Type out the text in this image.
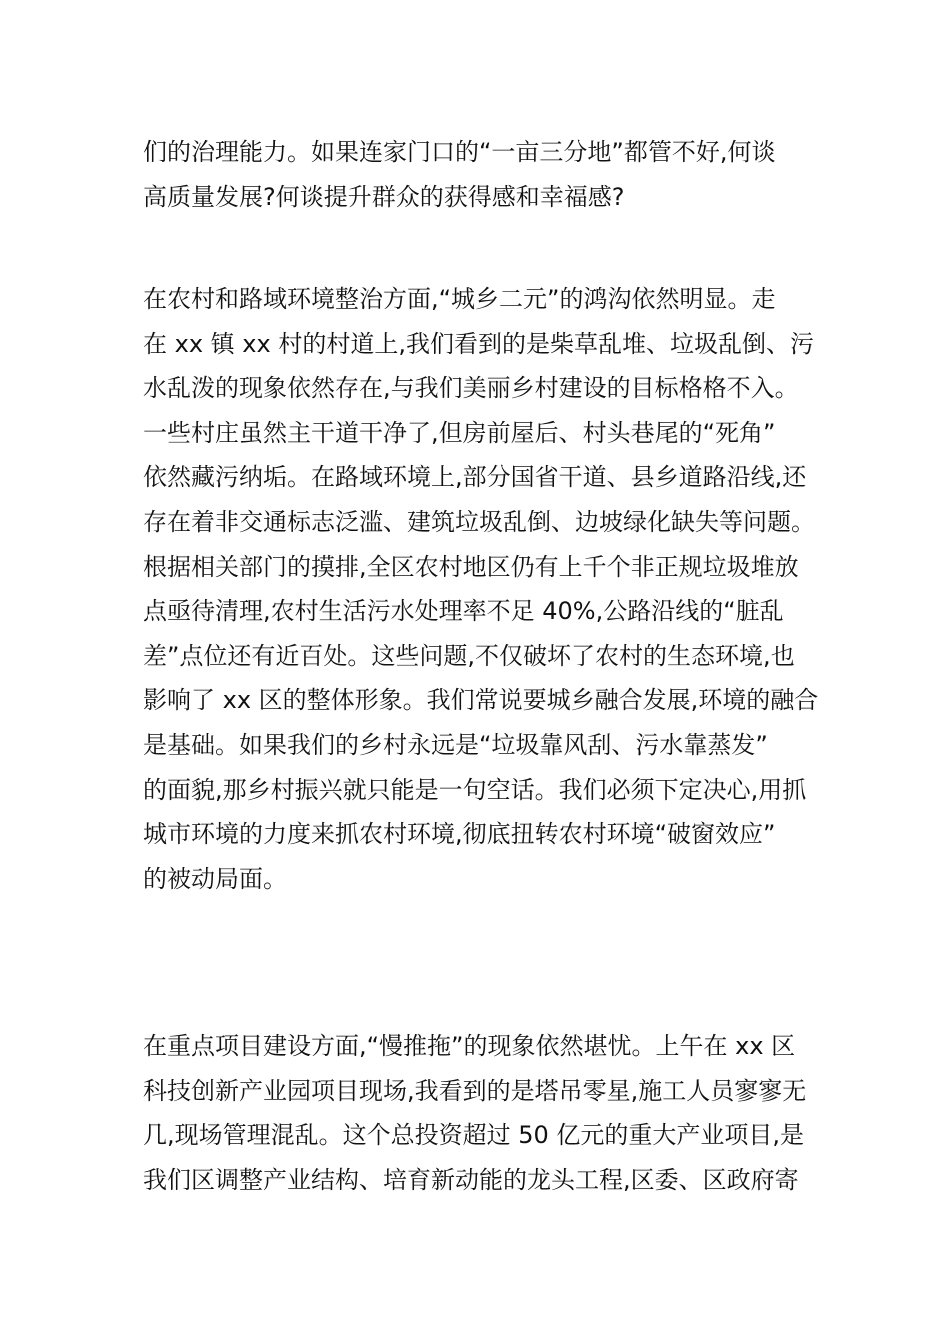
们的治理能力。如果连家门口的“一亩三分地”都管不好,何谈
高质量发展?何谈提升群众的获得感和幸福感?
在农村和路域环境整治方面,“城乡二元”的鸿沟依然明显。走
在 xx 镇 xx 村的村道上,我们看到的是柴草乱堆、垃圾乱倒、污
水乱泼的现象依然存在,与我们美丽乡村建设的目标格格不入。
一些村庄虽然主干道干净了,但房前屋后、村头巷尾的“死角”
依然藏污纳垢。在路域环境上,部分国省干道、县乡道路沿线,还
存在着非交通标志泛滥、建筑垃圾乱倒、边坡绿化缺失等问题。
根据相关部门的摸排,全区农村地区仍有上千个非正规垃圾堆放
点亟待清理,农村生活污水处理率不足 40%,公路沿线的“脏乱
差”点位还有近百处。这些问题,不仅破坏了农村的生态环境,也
影响了 xx 区的整体形象。我们常说要城乡融合发展,环境的融合
是基础。如果我们的乡村永远是“垃圾靠风刮、污水靠蒸发”
的面貌,那乡村振兴就只能是一句空话。我们必须下定决心,用抓
城市环境的力度来抓农村环境,彻底扭转农村环境“破窗效应”
的被动局面。
在重点项目建设方面,“慢推拖”的现象依然堪忧。上午在 xx 区
科技创新产业园项目现场,我看到的是塔吊零星,施工人员寥寥无
几,现场管理混乱。这个总投资超过 50 亿元的重大产业项目,是
我们区调整产业结构、培育新动能的龙头工程,区委、区政府寄
